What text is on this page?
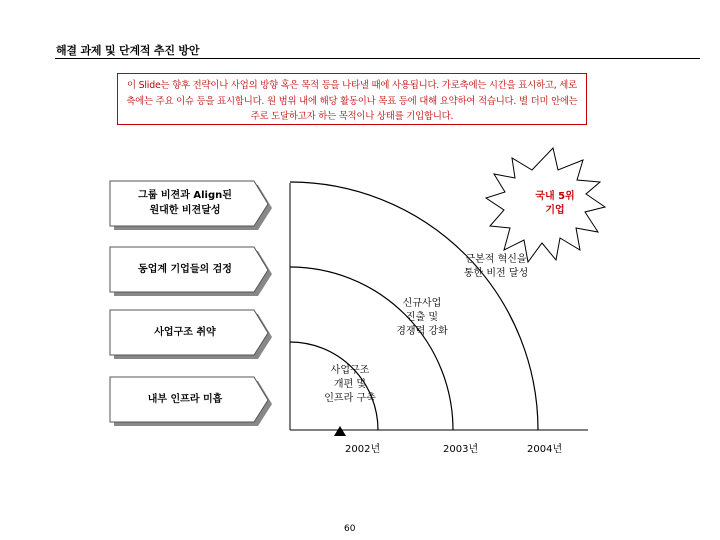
해결 과제 및 단계적 추진 방안
이 Slide는 향후 전략이나 사업의 방향 혹은 목적 등을 나타낼 때에 사용됩니다. 가로축에는 시간을 표시하고, 세로축에는 주요 이슈 등을 표시합니다. 원 범위 내에 해당 활동이나 목표 등에 대해 요약하여 적습니다. 별 더미 안에는 주로 도달하고자 하는 목적이나 상태를 기입합니다.
그룹 비젼과 Align된
원대한 비젼달성
동업계 기업들의 검정
사업구조 취약
내부 인프라 미흡
근본적 혁신을
통한 비전 달성
신규사업
진출 및
경쟁력 강화
사업구조
개편 및
인프라 구축
국내 5위
기업
2002년	2003년	2004년
60
